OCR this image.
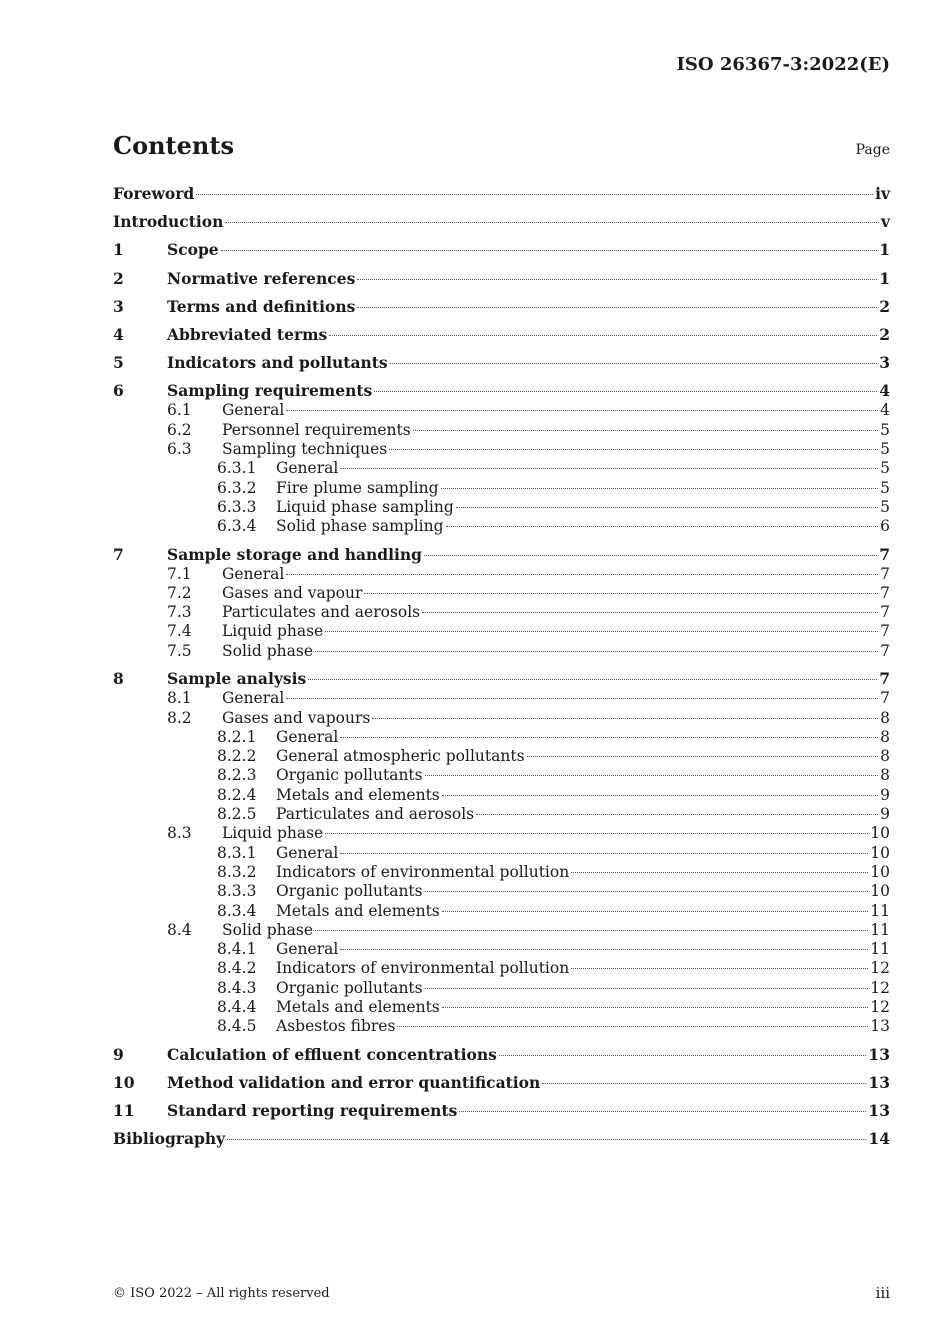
ISO 26367-3:2022(E)
Contents	Page
Foreword	iv
Introduction	v
1	Scope	1
2	Normative references	1
3	Terms and definitions	2
4	Abbreviated terms	2
5	Indicators and pollutants	3
6	Sampling requirements	4
6.1	General	4
6.2	Personnel requirements	5
6.3	Sampling techniques	5
6.3.1	General	5
6.3.2	Fire plume sampling	5
6.3.3	Liquid phase sampling	5
6.3.4	Solid phase sampling	6
7	Sample storage and handling	7
7.1	General	7
7.2	Gases and vapour	7
7.3	Particulates and aerosols	7
7.4	Liquid phase	7
7.5	Solid phase	7
8	Sample analysis	7
8.1	General	7
8.2	Gases and vapours	8
8.2.1	General	8
8.2.2	General atmospheric pollutants	8
8.2.3	Organic pollutants	8
8.2.4	Metals and elements	9
8.2.5	Particulates and aerosols	9
8.3	Liquid phase	10
8.3.1	General	10
8.3.2	Indicators of environmental pollution	10
8.3.3	Organic pollutants	10
8.3.4	Metals and elements	11
8.4	Solid phase	11
8.4.1	General	11
8.4.2	Indicators of environmental pollution	12
8.4.3	Organic pollutants	12
8.4.4	Metals and elements	12
8.4.5	Asbestos fibres	13
9	Calculation of effluent concentrations	13
10	Method validation and error quantification	13
11	Standard reporting requirements	13
Bibliography	14
© ISO 2022 – All rights reserved	iii
